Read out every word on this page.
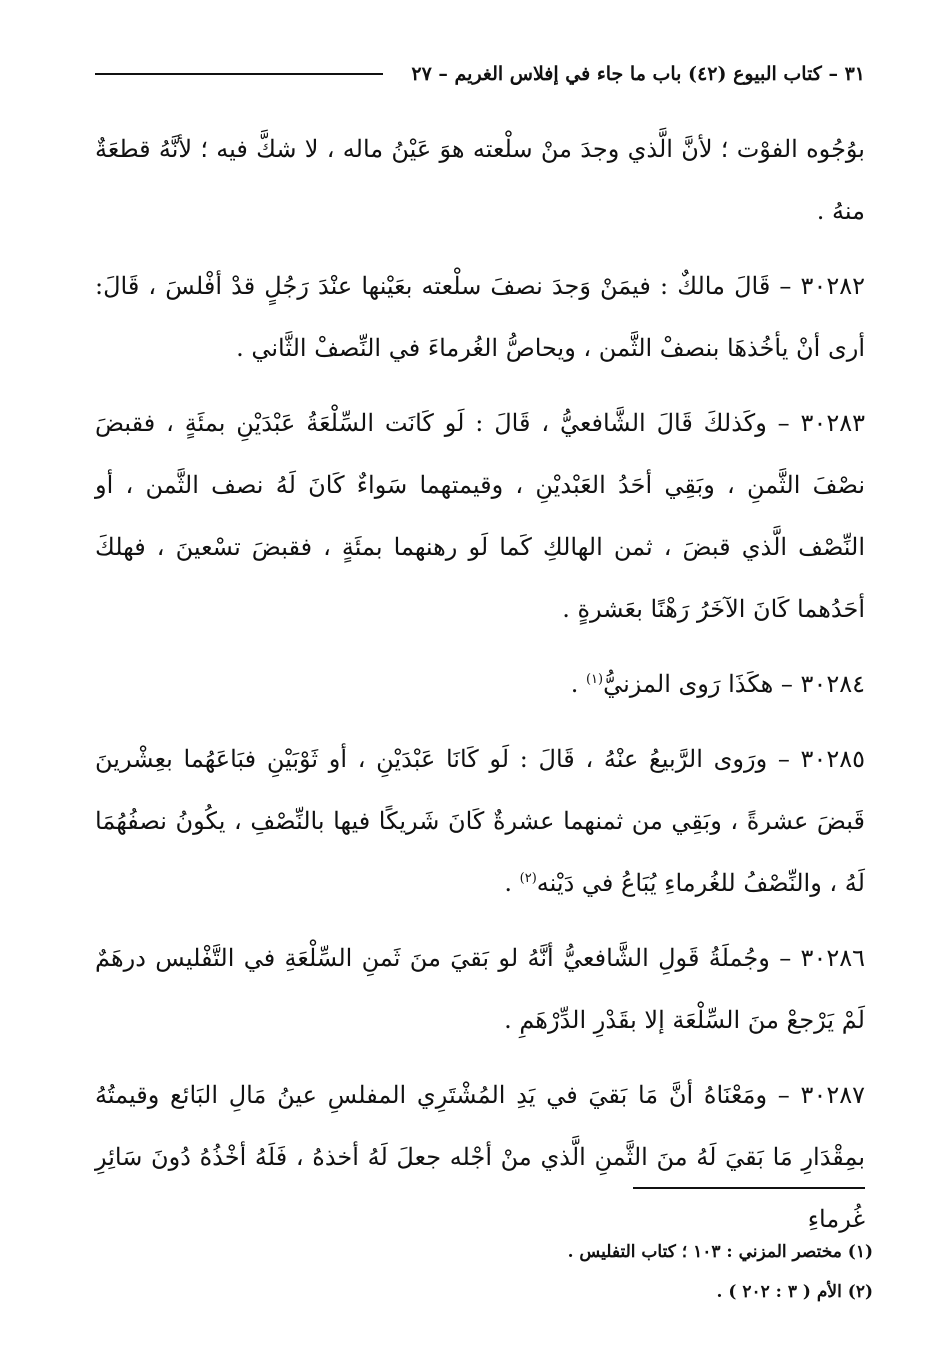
٣١ – كتاب البيوع (٤٢) باب ما جاء في إفلاس الغريم – ٢٧

بوُجُوه الفوْت ؛ لأنَّ الَّذي وجدَ منْ سلْعته هوَ عَيْنُ ماله ، لا شكَّ فيه ؛ لأنَّهُ قطعَةٌ منهُ .

٣٠٢٨٢ – قَالَ مالكٌ : فيمَنْ وَجدَ نصفَ سلْعته بعَيْنها عنْدَ رَجُلٍ قدْ أفْلسَ ، قَالَ: أرى أنْ يأخُذهَا بنصفْ الثَّمن ، ويحاصُّ الغُرماءَ في النِّصفْ الثَّاني .

٣٠٢٨٣ – وكَذلكَ قَالَ الشَّافعيُّ ، قَالَ : لَو كَانَت السِّلْعَةُ عَبْدَيْنِ بمئَةٍ ، فقبضَ نصْفَ الثَّمنِ ، وبَقِي أحَدُ العَبْديْنِ ، وقيمتهما سَواءٌ كَانَ لَهُ نصف الثَّمن ، أو النِّصْف الَّذي قبضَ ، ثمن الهالكِ كَما لَو رهنهما بمئَةٍ ، فقبضَ تسْعينَ ، فهلكَ أحَدُهما كَانَ الآخَرُ رَهْنًا بعَشرةٍ .

٣٠٢٨٤ – هكَذَا رَوى المزنيُّ$^{(١)}$ .

٣٠٢٨٥ – ورَوى الرَّبيعُ عنْهُ ، قَالَ : لَو كَانَا عَبْدَيْنِ ، أو ثَوْبَيْنِ فبَاعَهُما بعِشْرينَ قَبضَ عشرةً ، وبَقِي من ثمنهما عشرةٌ كَانَ شَريكًا فيها بالنِّصْفِ ، يكُونُ نصفُهُمَا لَهُ ، والنِّصْفُ للغُرماءِ يُبَاعُ في دَيْنه$^{(٢)}$ .

٣٠٢٨٦ – وجُملَةُ قَولِ الشَّافعيُّ أنَّهُ لو بَقيَ منَ ثَمنِ السِّلْعَةِ في التَّفْليس درهَمٌ لَمْ يَرْجعْ منَ السِّلْعَة إلا بقَدْرِ الدِّرْهَمِ .

٣٠٢٨٧ – ومَعْنَاهُ أنَّ مَا بَقيَ في يَدِ المُشْتَرِي المفلسِ عينُ مَالِ البَائع وقيمتُهُ بمِقْدَارِ مَا بَقيَ لَهُ منَ الثَّمنِ الَّذي منْ أجْله جعلَ لَهُ أخذهُ ، فَلَهُ أخْذُهُ دُونَ سَائِرِ غُرماءِ

(١) مختصر المزني : ١٠٣ ؛ كتاب التفليس .
(٢) الأم ( ٣ : ٢٠٢ ) .
